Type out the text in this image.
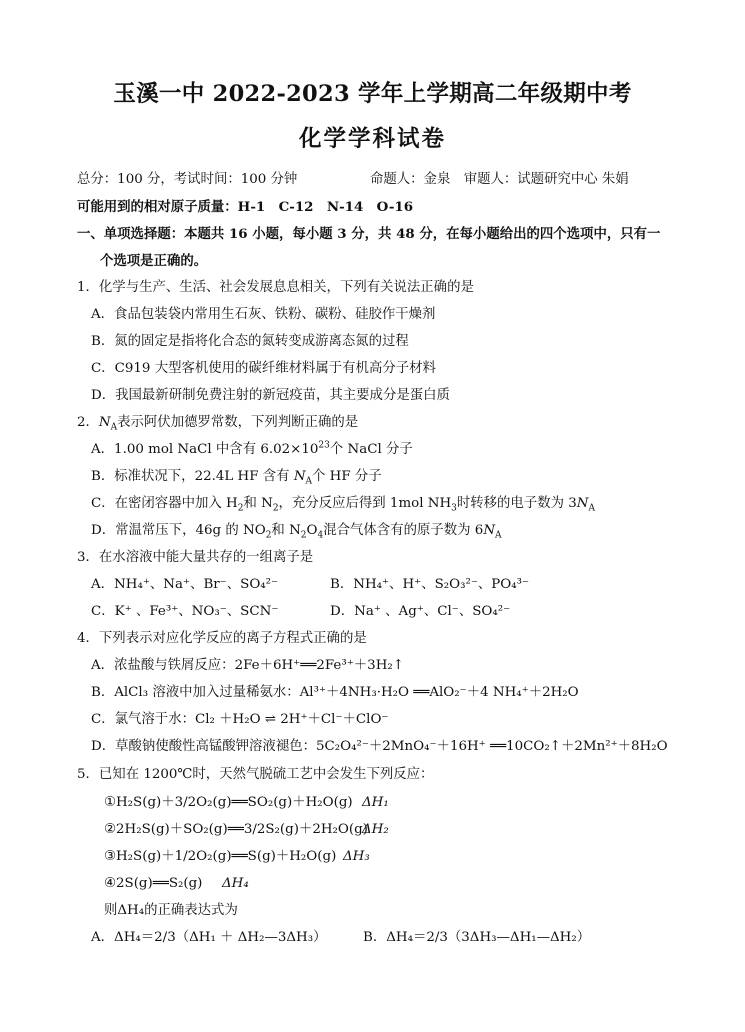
玉溪一中 2022-2023 学年上学期高二年级期中考
化学学科试卷
总分：100 分，考试时间：100 分钟	命题人：金泉　审题人：试题研究中心 朱娟
可能用到的相对原子质量：H-1　C-12　N-14　O-16
一、单项选择题：本题共 16 小题，每小题 3 分，共 48 分，在每小题给出的四个选项中，只有一
个选项是正确的。
1．化学与生产、生活、社会发展息息相关，下列有关说法正确的是
A．食品包装袋内常用生石灰、铁粉、碳粉、硅胶作干燥剂
B．氮的固定是指将化合态的氮转变成游离态氮的过程
C．C919 大型客机使用的碳纤维材料属于有机高分子材料
D．我国最新研制免费注射的新冠疫苗，其主要成分是蛋白质
2．$N_A$表示阿伏加德罗常数，下列判断正确的是
A．1.00 mol NaCl 中含有 $6.02\times 10^{23}$个 NaCl 分子
B．标准状况下，22.4L HF 含有 $N_A$个 HF 分子
C．在密闭容器中加入 $H_2$和 $N_2$，充分反应后得到 1mol $NH_3$时转移的电子数为 $3N_A$
D．常温常压下，46g 的 $NO_2$和 $N_2O_4$混合气体含有的原子数为 $6N_A$
3．在水溶液中能大量共存的一组离子是
A．NH₄⁺、Na⁺、Br⁻、SO₄²⁻	B．NH₄⁺、H⁺、S₂O₃²⁻、PO₄³⁻
C．K⁺ 、Fe³⁺、NO₃⁻、SCN⁻	D．Na⁺ 、Ag⁺、Cl⁻、SO₄²⁻
4．下列表示对应化学反应的离子方程式正确的是
A．浓盐酸与铁屑反应：2Fe＋6H⁺══2Fe³⁺＋3H₂↑
B．AlCl₃ 溶液中加入过量稀氨水：Al³⁺＋4NH₃·H₂O ══AlO₂⁻＋4 NH₄⁺＋2H₂O
C．氯气溶于水：Cl₂ ＋H₂O ⇌ 2H⁺＋Cl⁻＋ClO⁻
D．草酸钠使酸性高锰酸钾溶液褪色：5C₂O₄²⁻＋2MnO₄⁻＋16H⁺ ══10CO₂↑＋2Mn²⁺＋8H₂O
5．已知在 1200℃时，天然气脱硫工艺中会发生下列反应：
①H₂S(g)＋3/2O₂(g)══SO₂(g)＋H₂O(g) ΔH₁
②2H₂S(g)＋SO₂(g)══3/2S₂(g)＋2H₂O(g)
ΔH₂
③H₂S(g)＋1/2O₂(g)══S(g)＋H₂O(g) ΔH₃
④2S(g)══S₂(g) ΔH₄
则ΔH₄的正确表达式为
A．ΔH₄＝2/3（ΔH₁ ＋ ΔH₂—3ΔH₃）	B．ΔH₄＝2/3（3ΔH₃—ΔH₁—ΔH₂）
